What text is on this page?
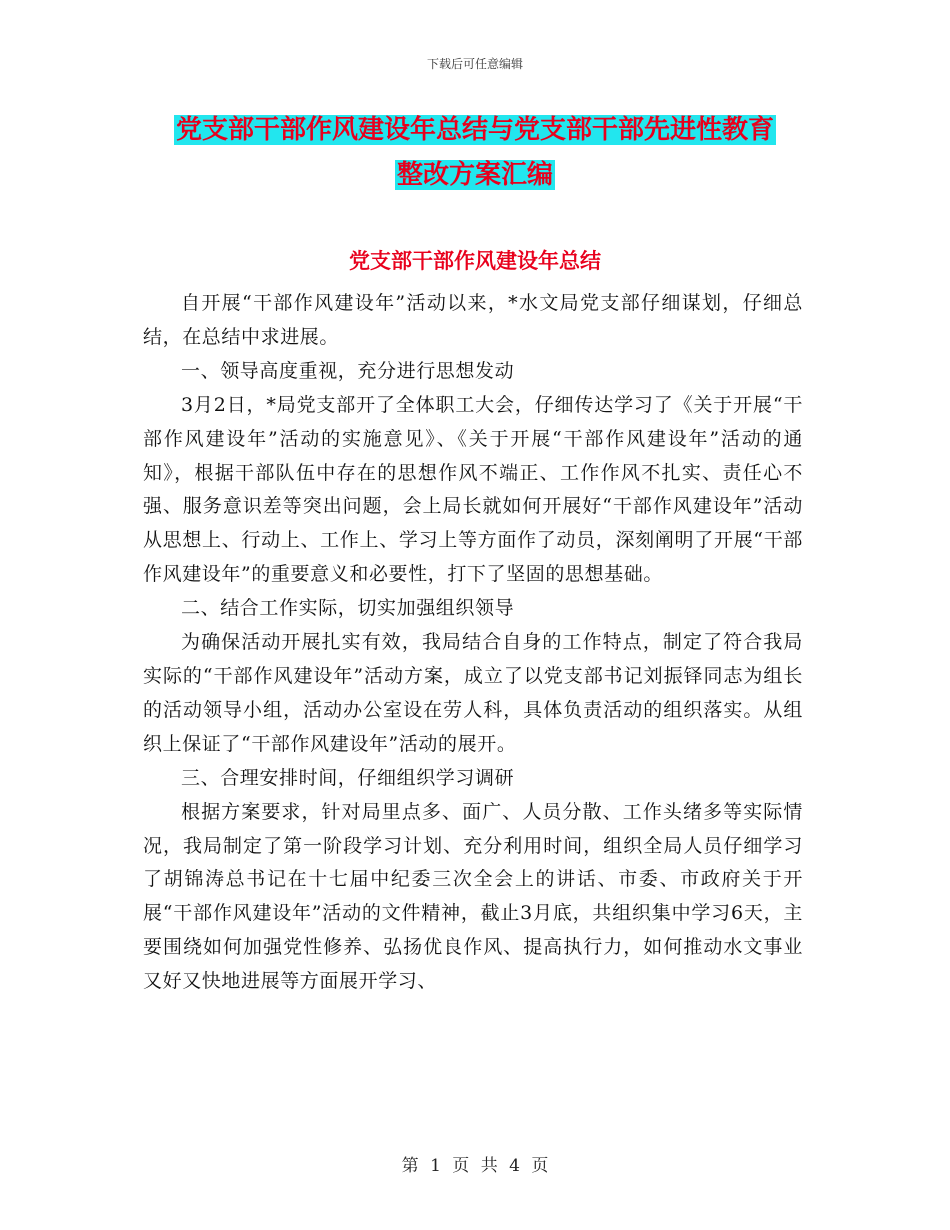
下载后可任意编辑
党支部干部作风建设年总结与党支部干部先进性教育
整改方案汇编
党支部干部作风建设年总结

自开展“干部作风建设年”活动以来，*水文局党支部仔细谋划，仔细总结，在总结中求进展。

一、领导高度重视，充分进行思想发动

3月2日，*局党支部开了全体职工大会，仔细传达学习了《关于开展“干部作风建设年”活动的实施意见》、《关于开展“干部作风建设年”活动的通知》，根据干部队伍中存在的思想作风不端正、工作作风不扎实、责任心不强、服务意识差等突出问题，会上局长就如何开展好“干部作风建设年”活动从思想上、行动上、工作上、学习上等方面作了动员，深刻阐明了开展“干部作风建设年”的重要意义和必要性，打下了坚固的思想基础。

二、结合工作实际，切实加强组织领导

为确保活动开展扎实有效，我局结合自身的工作特点，制定了符合我局实际的“干部作风建设年”活动方案，成立了以党支部书记刘振铎同志为组长的活动领导小组，活动办公室设在劳人科，具体负责活动的组织落实。从组织上保证了“干部作风建设年”活动的展开。

三、合理安排时间，仔细组织学习调研

根据方案要求，针对局里点多、面广、人员分散、工作头绪多等实际情况，我局制定了第一阶段学习计划、充分利用时间，组织全局人员仔细学习了胡锦涛总书记在十七届中纪委三次全会上的讲话、市委、市政府关于开展“干部作风建设年”活动的文件精神，截止3月底，共组织集中学习6天，主要围绕如何加强党性修养、弘扬优良作风、提高执行力，如何推动水文事业又好又快地进展等方面展开学习、

第 1 页 共 4 页
